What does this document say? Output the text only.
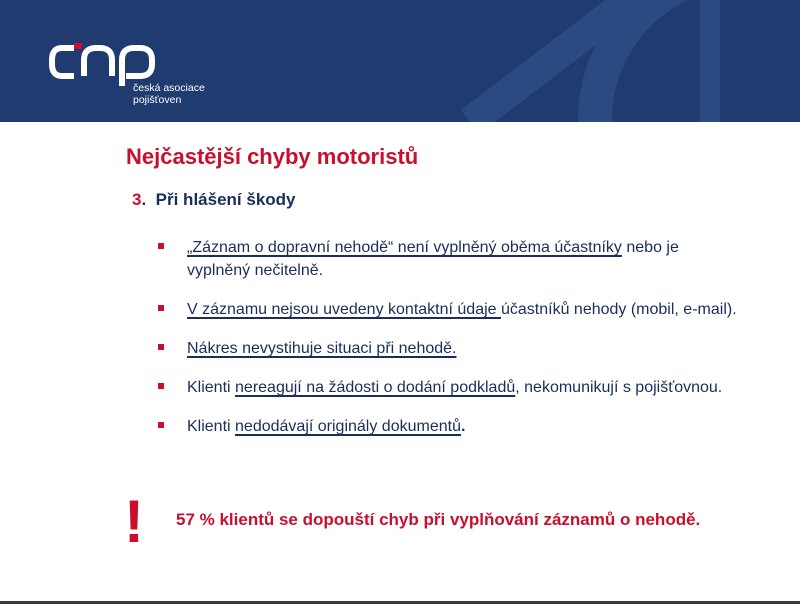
česká asociace
pojišťoven
Nejčastější chyby motoristů
3. Při hlášení škody
„Záznam o dopravní nehodě“ není vyplněný oběma účastníky nebo je vyplněný nečitelně.
V záznamu nejsou uvedeny kontaktní údaje účastníků nehody (mobil, e-mail).
Nákres nevystihuje situaci při nehodě.
Klienti nereagují na žádosti o dodání podkladů, nekomunikují s pojišťovnou.
Klienti nedodávají originály dokumentů.
! 57 % klientů se dopouští chyb při vyplňování záznamů o nehodě.
